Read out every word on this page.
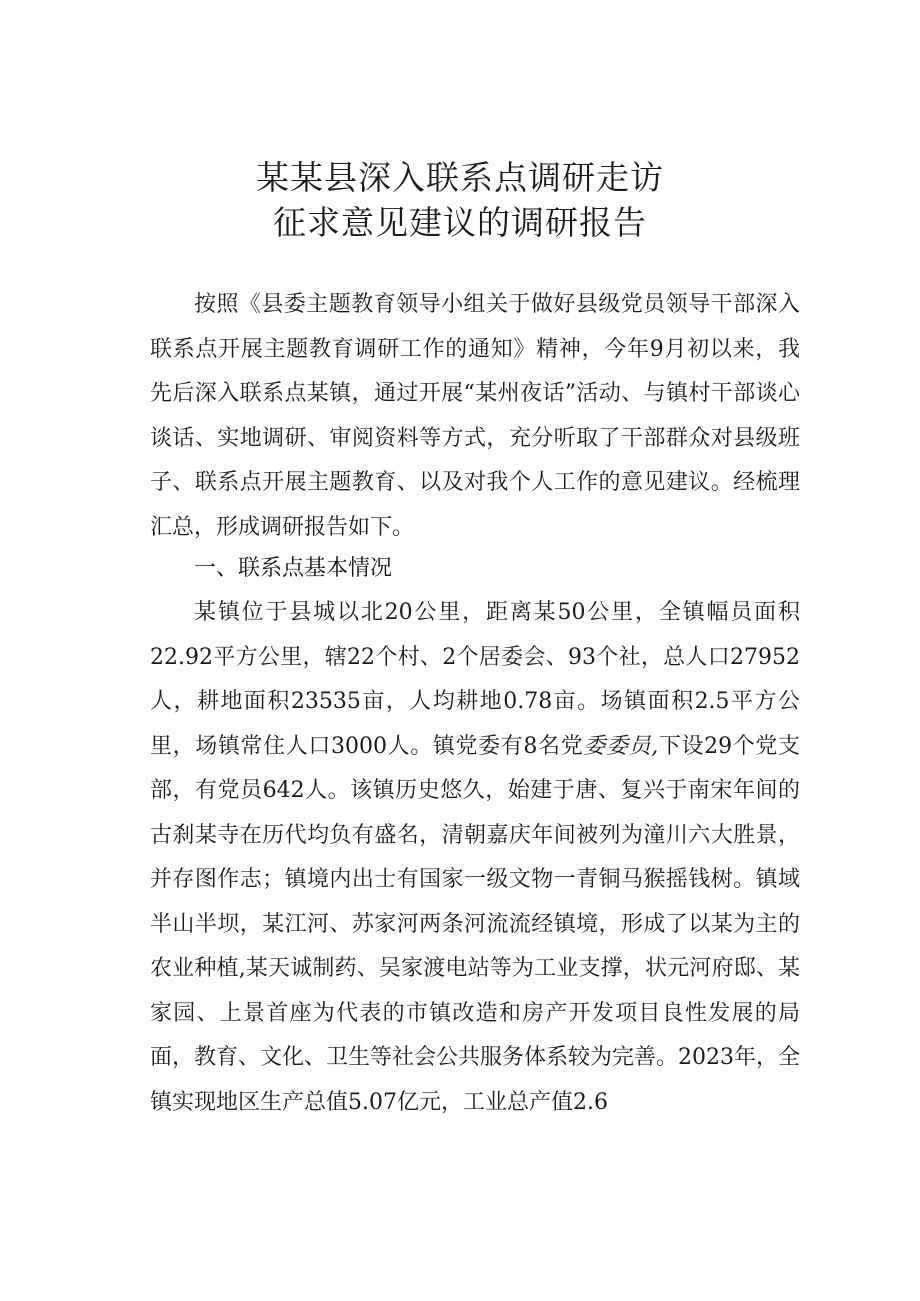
某某县深入联系点调研走访
征求意见建议的调研报告

按照《县委主题教育领导小组关于做好县级党员领导干部深入联系点开展主题教育调研工作的通知》精神，今年9月初以来，我先后深入联系点某镇，通过开展“某州夜话”活动、与镇村干部谈心谈话、实地调研、审阅资料等方式，充分听取了干部群众对县级班子、联系点开展主题教育、以及对我个人工作的意见建议。经梳理汇总，形成调研报告如下。

一、联系点基本情况

某镇位于县城以北20公里，距离某50公里，全镇幅员面积22.92平方公里，辖22个村、2个居委会、93个社，总人口27952人，耕地面积23535亩，人均耕地0.78亩。场镇面积2.5平方公里，场镇常住人口3000人。镇党委有8名党委委员,下设29个党支部，有党员642人。该镇历史悠久，始建于唐、复兴于南宋年间的古刹某寺在历代均负有盛名，清朝嘉庆年间被列为潼川六大胜景，并存图作志；镇境内出士有国家一级文物一青铜马猴摇钱树。镇域半山半坝，某江河、苏家河两条河流流经镇境，形成了以某为主的农业种植,某天诚制药、吴家渡电站等为工业支撑，状元河府邸、某家园、上景首座为代表的市镇改造和房产开发项目良性发展的局面，教育、文化、卫生等社会公共服务体系较为完善。2023年，全镇实现地区生产总值5.07亿元，工业总产值2.6
